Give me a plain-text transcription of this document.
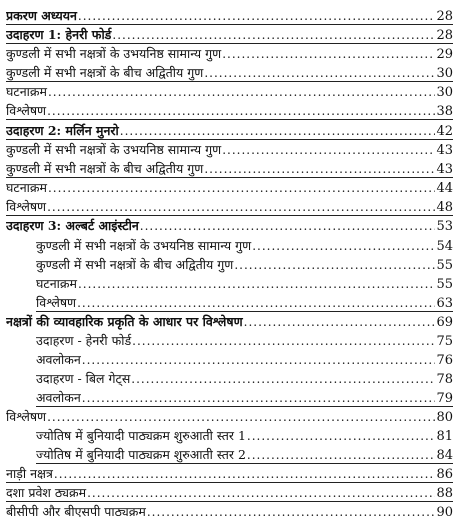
प्रकरण अध्ययन .....	28
उदाहरण 1: हेनरी फोर्ड .....	28
कुण्डली में सभी नक्षत्रों के उभयनिष्ठ सामान्य गुण .....	29
कुण्डली में सभी नक्षत्रों के बीच अद्वितीय गुण .....	30
घटनाक्रम .....	30
विश्लेषण .....	38
उदाहरण 2: मर्लिन मुनरो .....	42
कुण्डली में सभी नक्षत्रों के उभयनिष्ठ सामान्य गुण .....	43
कुण्डली में सभी नक्षत्रों के बीच अद्वितीय गुण .....	43
घटनाक्रम .....	44
विश्लेषण .....	48
उदाहरण 3: अल्बर्ट आइंस्टीन .....	53
कुण्डली में सभी नक्षत्रों के उभयनिष्ठ सामान्य गुण .....	54
कुण्डली में सभी नक्षत्रों के बीच अद्वितीय गुण .....	55
घटनाक्रम .....	55
विश्लेषण .....	63
नक्षत्रों की व्यावहारिक प्रकृति के आधार पर विश्लेषण .....	69
उदाहरण - हेनरी फोर्ड .....	75
अवलोकन .....	76
उदाहरण - बिल गेट्स .....	78
अवलोकन .....	79
विश्लेषण .....	80
ज्योतिष में बुनियादी पाठ्यक्रम शुरुआती स्तर 1 .....	81
ज्योतिष में बुनियादी पाठ्यक्रम शुरुआती स्तर 2 .....	84
नाड़ी नक्षत्र .....	86
दशा प्रवेश ठ्यक्रम .....	88
बीसीपी और बीएसपी पाठ्यक्रम .....	90
